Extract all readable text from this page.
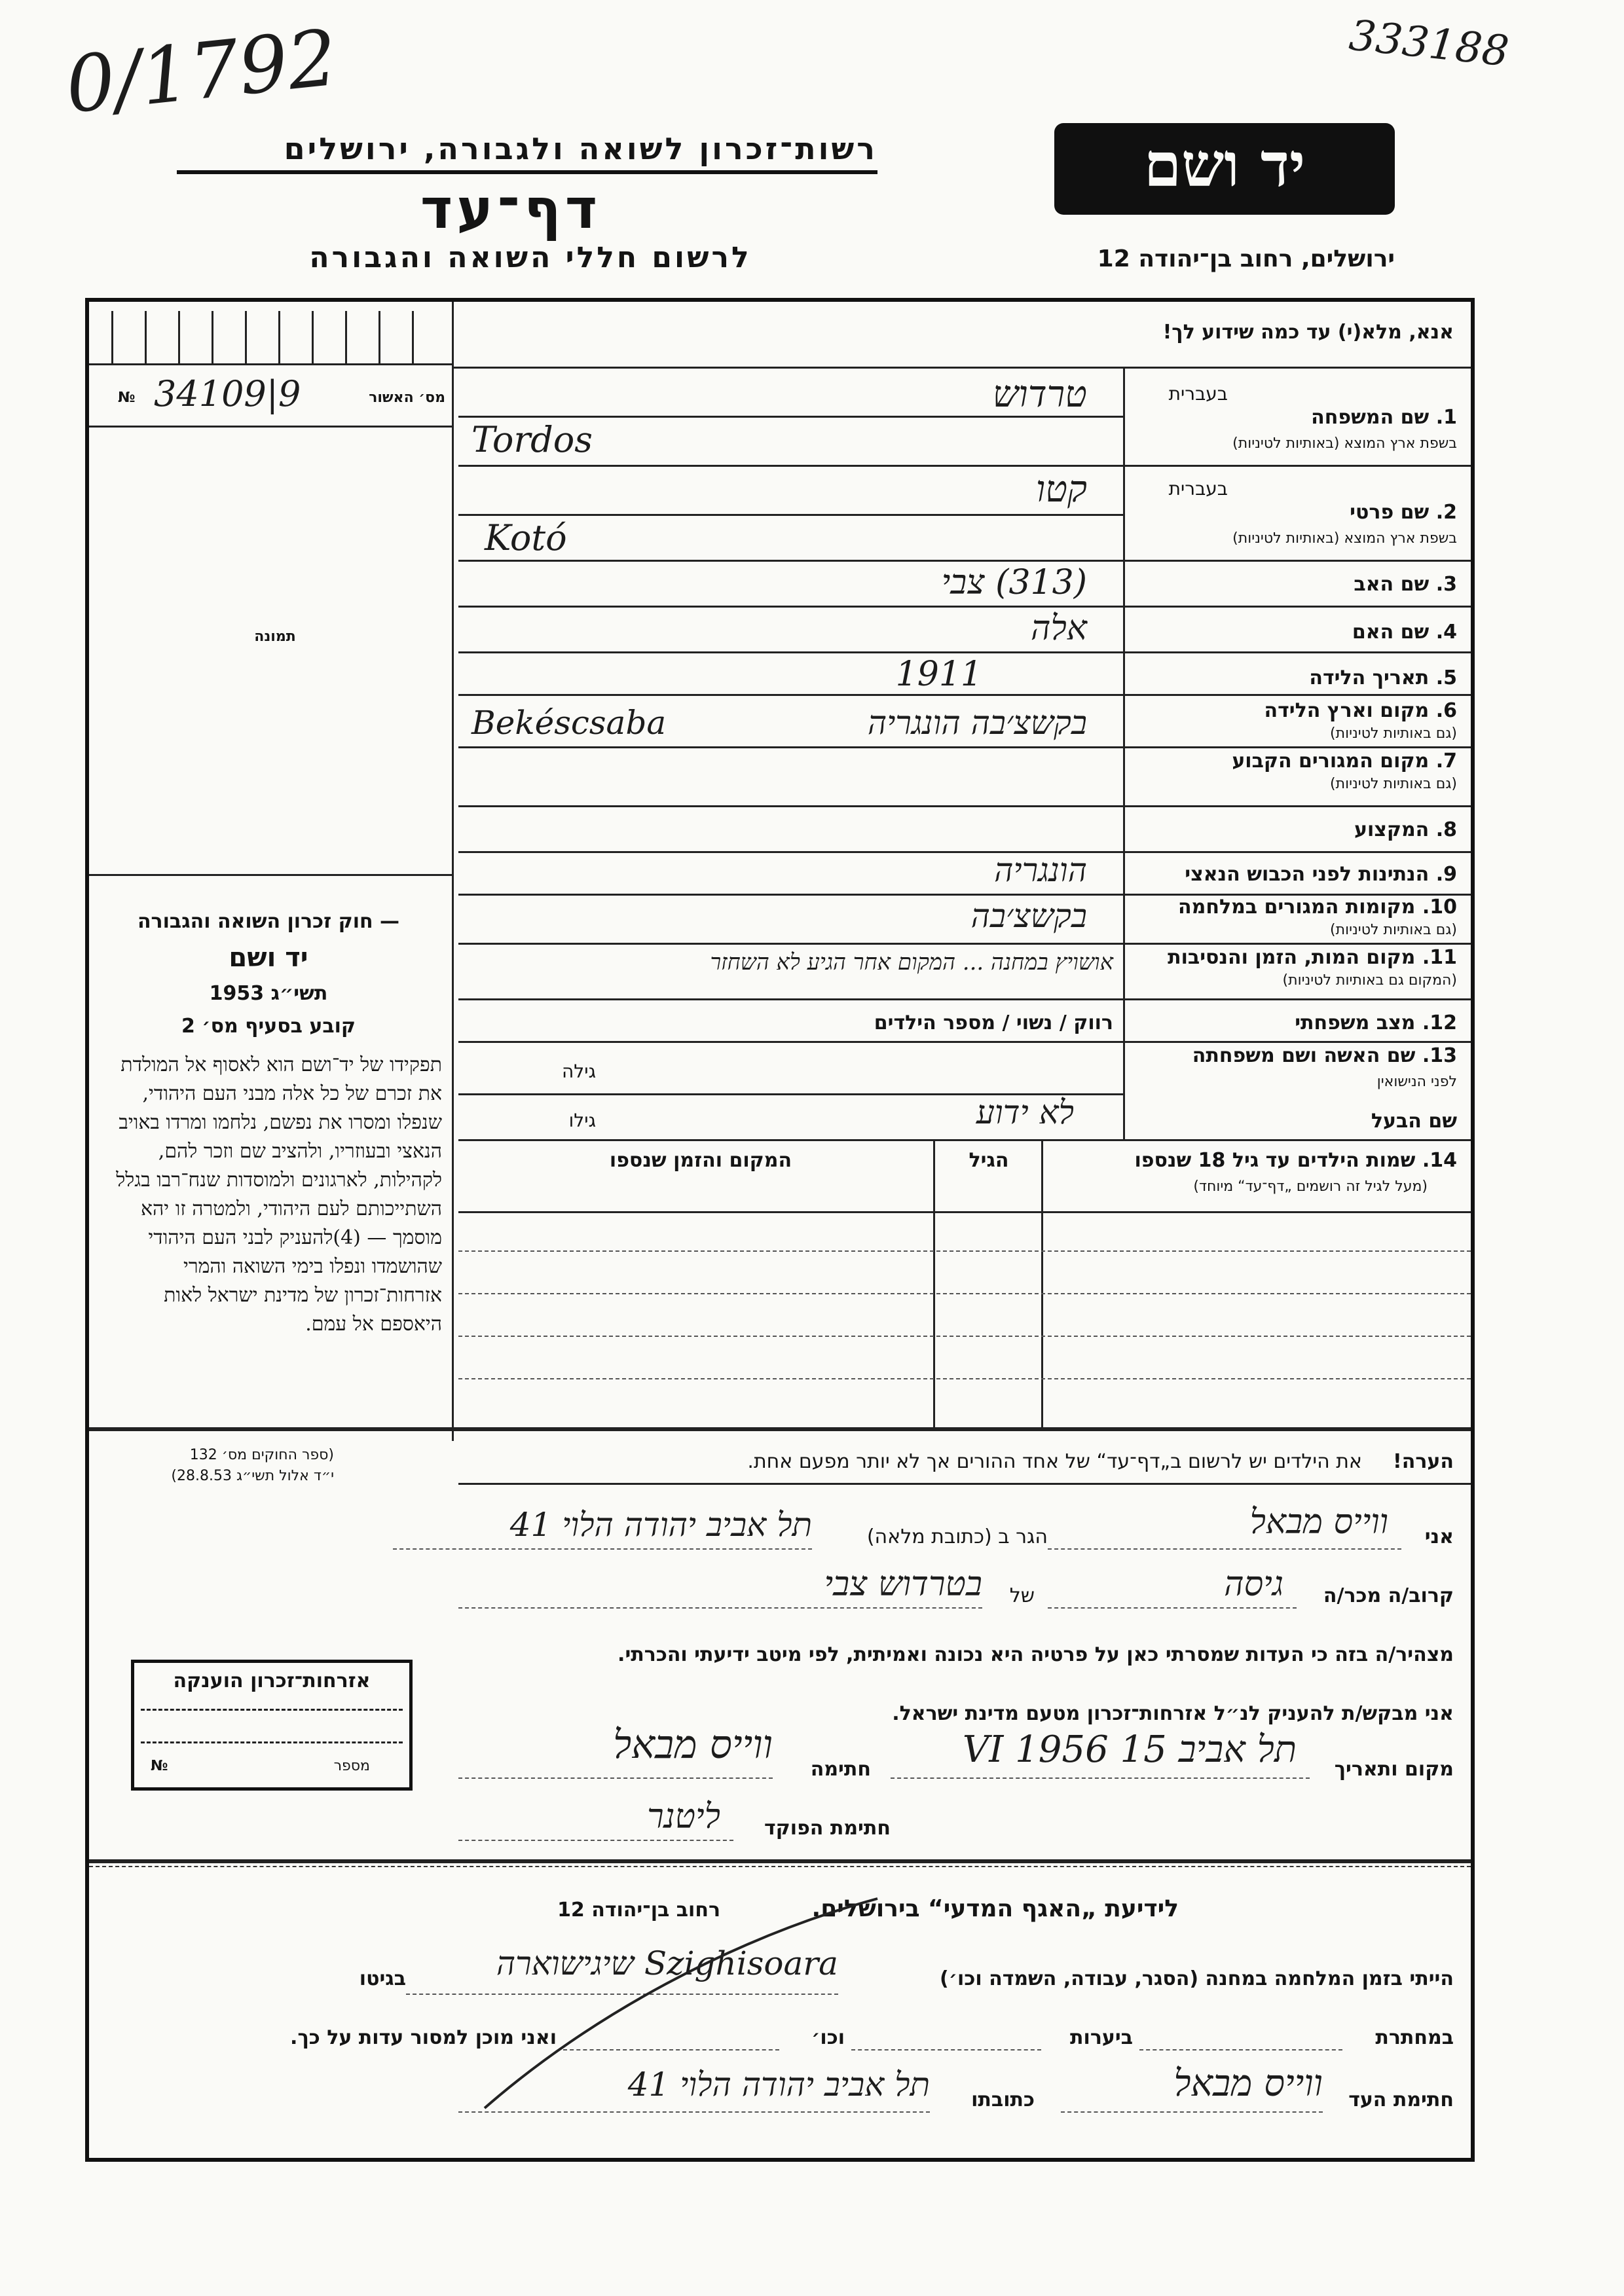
0/1792	333188
רשות־זכרון לשואה ולגבורה, ירושלים
דף־עד
לרשום חללי השואה והגבורה
יד ושם
ירושלים, רחוב בן־יהודה 12
אנא, מלא(י) עד כמה שידוע לך!
מס׳ האשור
№ 34109|9
תמונה
בעברית
1. שם המשפחה
בשפת ארץ המוצא (באותיות לטיניות)
טרדוש
Tordos
בעברית
2. שם פרטי
בשפת ארץ המוצא (באותיות לטיניות)
קטו
Kotó
3. שם האב
(313) צבי
4. שם האם
אלה
5. תאריך הלידה
1911
6. מקום וארץ הלידה
(גם באותיות לטיניות)
בקשצ׳בה הונגריה
Bekéscsaba
7. מקום המגורים הקבוע
(גם באותיות לטיניות)
8. המקצוע
9. הנתינות לפני הכבוש הנאצי
הונגריה
10. מקומות המגורים במלחמה
(גם באותיות לטיניות)
בקשצ׳בה
11. מקום המות, הזמן והנסיבות
(המקום גם באותיות לטיניות)
אושויץ במחנה ... המקום אחר הגיע לא השחזר
12. מצב משפחתי
רווק / נשוי / מספר הילדים
13. שם האשה ושם משפחתה
לפני הנישואין
גילה
שם הבעל
גילו	לא ידוע
14. שמות הילדים עד גיל 18 שנספו
(מעל לגיל זה רושמים „דף־עד“ מיוחד)
הגיל
המקום והזמן שנספו
— חוק זכרון השואה והגבורה
יד ושם
תשי״ג 1953
קובע בסעיף מס׳ 2
תפקידו של יד־ושם הוא לאסוף אל המולדת את זכרם של כל אלה מבני העם היהודי, שנפלו ומסרו את נפשם, נלחמו ומרדו באויב הנאצי ובעוזריו, ולהציב שם וזכר להם, לקהילות, לארגונים ולמוסדות שנח־רבו בגלל השתייכותם לעם היהודי, ולמטרה זו יהא מוסמך — (4)להעניק לבני העם היהודי שהושמדו ונפלו בימי השואה והמרי אזרחות־זכרון של מדינת ישראל לאות היאספם אל עמם.
(ספר החוקים מס׳ 132
י״ד אלול תשי״ג 28.8.53)
אזרחות־זכרון הוענקה
מספר
№
הערה!
את הילדים יש לרשום ב„דף־עד“ של אחד ההורים אך לא יותר מפעם אחת.
אני
ווייס מבאל
הגר ב (כתובת מלאה)
תל אביב יהודה הלוי 41
קרוב/ה מכר/ה
גיסה
של
בטרדוש צבי
מצהיר/ה בזה כי העדות שמסרתי כאן על פרטיה היא נכונה ואמיתית, לפי מיטב ידיעתי והכרתי.
אני מבקש/ת להעניק לנ״ל אזרחות־זכרון מטעם מדינת ישראל.
מקום ותאריך
תל אביב 15 VI 1956
חתימה
ווייס מבאל
חתימת הפוקד
ליטנר
לידיעת „האגף המדעי“ בירושלים.
רחוב בן־יהודה 12
הייתי בזמן המלחמה במחנה (הסגר, עבודה, השמדה וכו׳)
Szighisoara שיגישוארה
בגיטו
במחתרת
ביערות
וכו׳
ואני מוכן למסור עדות על כך.
חתימת העד
ווייס מבאל
כתובתו
תל אביב יהודה הלוי 41
